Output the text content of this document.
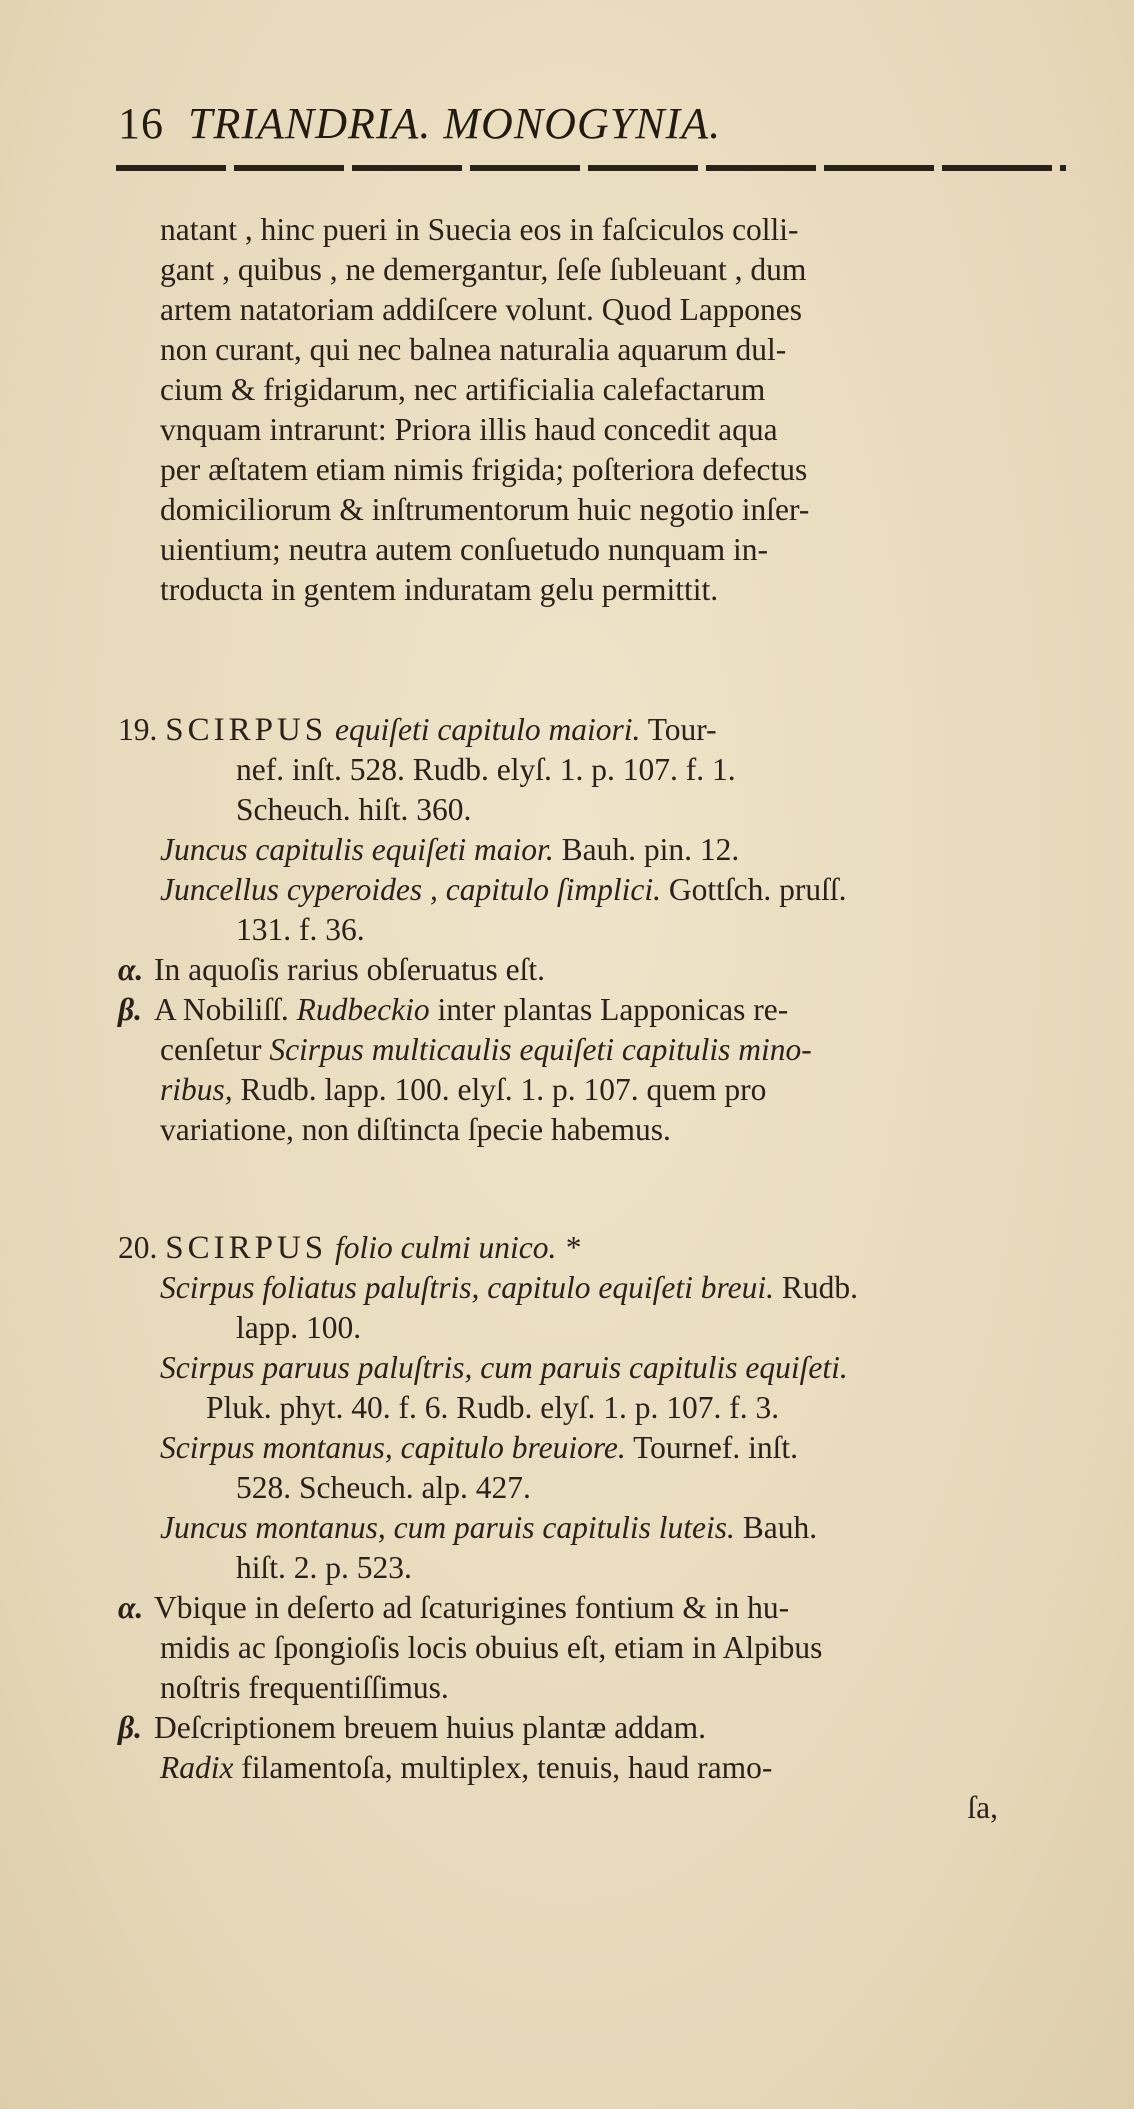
16 TRIANDRIA. MONOGYNIA.
natant , hinc pueri in Suecia eos in faſciculos colli-
gant , quibus , ne demergantur, ſeſe ſubleuant , dum
artem natatoriam addiſcere volunt. Quod Lappones
non curant, qui nec balnea naturalia aquarum dul-
cium & frigidarum, nec artificialia calefactarum
vnquam intrarunt: Priora illis haud concedit aqua
per æſtatem etiam nimis frigida; poſteriora defectus
domiciliorum & inſtrumentorum huic negotio inſer-
uientium; neutra autem conſuetudo nunquam in-
troducta in gentem induratam gelu permittit.
19. SCIRPUS equiſeti capitulo maiori. Tour-
nef. inſt. 528. Rudb. elyſ. 1. p. 107. f. 1.
Scheuch. hiſt. 360.
Juncus capitulis equiſeti maior. Bauh. pin. 12.
Juncellus cyperoides , capitulo ſimplici. Gottſch. pruſſ.
131. f. 36.
α. In aquoſis rarius obſeruatus eſt.
β. A Nobiliſſ. Rudbeckio inter plantas Lapponicas re-
cenſetur Scirpus multicaulis equiſeti capitulis mino-
ribus, Rudb. lapp. 100. elyſ. 1. p. 107. quem pro
variatione, non diſtincta ſpecie habemus.
20. SCIRPUS folio culmi unico. *
Scirpus foliatus paluſtris, capitulo equiſeti breui. Rudb.
lapp. 100.
Scirpus paruus paluſtris, cum paruis capitulis equiſeti.
Pluk. phyt. 40. f. 6. Rudb. elyſ. 1. p. 107. f. 3.
Scirpus montanus, capitulo breuiore. Tournef. inſt.
528. Scheuch. alp. 427.
Juncus montanus, cum paruis capitulis luteis. Bauh.
hiſt. 2. p. 523.
α. Vbique in deſerto ad ſcaturigines fontium & in hu-
midis ac ſpongioſis locis obuius eſt, etiam in Alpibus
noſtris frequentiſſimus.
β. Deſcriptionem breuem huius plantæ addam.
Radix filamentoſa, multiplex, tenuis, haud ramo-
ſa,
